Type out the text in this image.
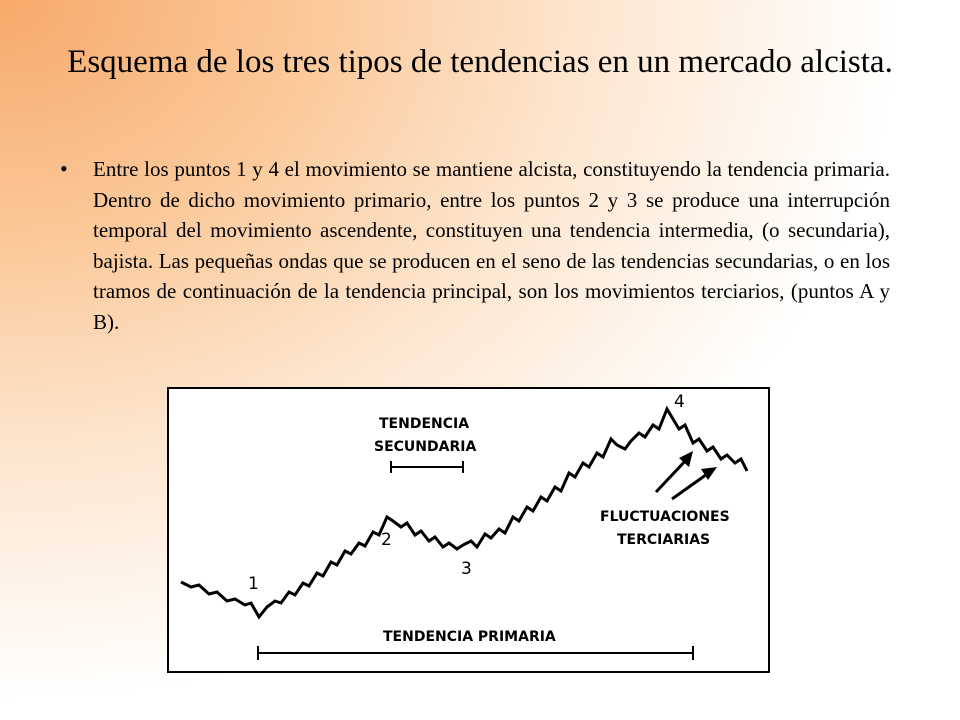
Esquema de los tres tipos de tendencias en un mercado alcista.
• Entre los puntos 1 y 4 el movimiento se mantiene alcista, constituyendo la tendencia primaria. Dentro de dicho movimiento primario, entre los puntos 2 y 3 se produce una interrupción temporal del movimiento ascendente, constituyen una tendencia intermedia, (o secundaria), bajista. Las pequeñas ondas que se producen en el seno de las tendencias secundarias, o en los tramos de continuación de la tendencia principal, son los movimientos terciarios, (puntos A y B).
TENDENCIA
SECUNDARIA
FLUCTUACIONES
TERCIARIAS
TENDENCIA PRIMARIA
1
2
3
4
